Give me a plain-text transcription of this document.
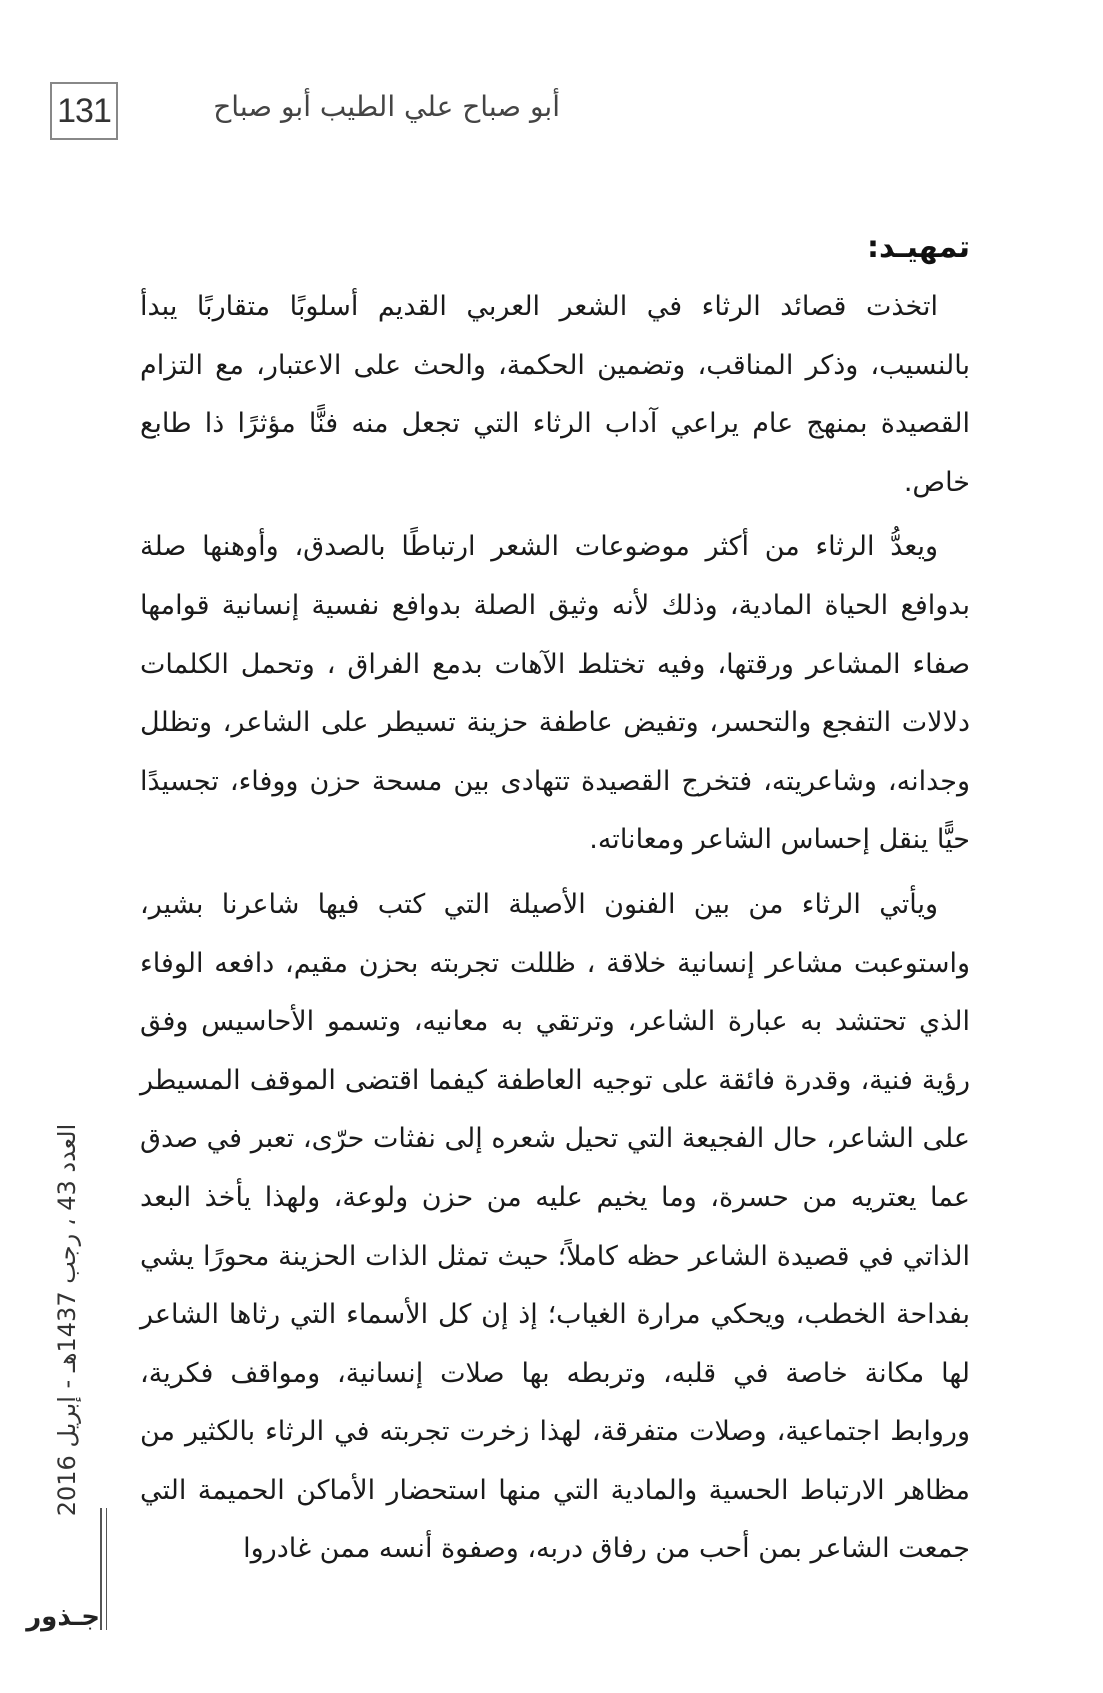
131	أبو صباح علي الطيب أبو صباح
تمهيـد:

اتخذت قصائد الرثاء في الشعر العربي القديم أسلوبًا متقاربًا يبدأ بالنسيب، وذكر المناقب، وتضمين الحكمة، والحث على الاعتبار، مع التزام القصيدة بمنهج عام يراعي آداب الرثاء التي تجعل منه فنًّا مؤثرًا ذا طابع خاص.

ويعدُّ الرثاء من أكثر موضوعات الشعر ارتباطًا بالصدق، وأوهنها صلة بدوافع الحياة المادية، وذلك لأنه وثيق الصلة بدوافع نفسية إنسانية قوامها صفاء المشاعر ورقتها، وفيه تختلط الآهات بدمع الفراق ، وتحمل الكلمات دلالات التفجع والتحسر، وتفيض عاطفة حزينة تسيطر على الشاعر، وتظلل وجدانه، وشاعريته، فتخرج القصيدة تتهادى بين مسحة حزن ووفاء، تجسيدًا حيًّا ينقل إحساس الشاعر ومعاناته.

ويأتي الرثاء من بين الفنون الأصيلة التي كتب فيها شاعرنا بشير، واستوعبت مشاعر إنسانية خلاقة ، ظللت تجربته بحزن مقيم، دافعه الوفاء الذي تحتشد به عبارة الشاعر، وترتقي به معانيه، وتسمو الأحاسيس وفق رؤية فنية، وقدرة فائقة على توجيه العاطفة كيفما اقتضى الموقف المسيطر على الشاعر، حال الفجيعة التي تحيل شعره إلى نفثات حرّى، تعبر في صدق عما يعتريه من حسرة، وما يخيم عليه من حزن ولوعة، ولهذا يأخذ البعد الذاتي في قصيدة الشاعر حظه كاملاً؛ حيث تمثل الذات الحزينة محورًا يشي بفداحة الخطب، ويحكي مرارة الغياب؛ إذ إن كل الأسماء التي رثاها الشاعر لها مكانة خاصة في قلبه، وتربطه بها صلات إنسانية، ومواقف فكرية، وروابط اجتماعية، وصلات متفرقة، لهذا زخرت تجربته في الرثاء بالكثير من مظاهر الارتباط الحسية والمادية التي منها استحضار الأماكن الحميمة التي جمعت الشاعر بمن أحب من رفاق دربه، وصفوة أنسه ممن غادروا

العدد 43 ، رجب 1437هـ - إبريل 2016
جـذور
